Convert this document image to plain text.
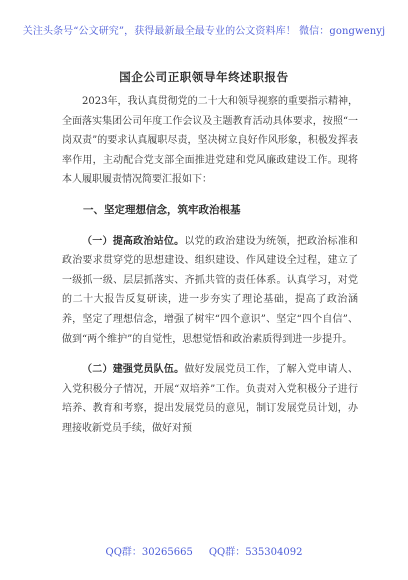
关注头条号“公文研究”，获得最新最全最专业的公文资料库！ 微信：gongwenyj
国企公司正职领导年终述职报告

2023年，我认真贯彻党的二十大和领导视察的重要指示精神，全面落实集团公司年度工作会议及主题教育活动具体要求，按照“一岗双责”的要求认真履职尽责，坚决树立良好作风形象，积极发挥表率作用，主动配合党支部全面推进党建和党风廉政建设工作。现将本人履职履责情况简要汇报如下：

一、坚定理想信念，筑牢政治根基

（一）提高政治站位。以党的政治建设为统领，把政治标准和政治要求贯穿党的思想建设、组织建设、作风建设全过程，建立了一级抓一级、层层抓落实、齐抓共管的责任体系。认真学习，对党的二十大报告反复研读，进一步夯实了理论基础，提高了政治涵养，坚定了理想信念，增强了树牢“四个意识”、坚定“四个自信”、做到“两个维护”的自觉性，思想觉悟和政治素质得到进一步提升。

（二）建强党员队伍。做好发展党员工作，了解入党申请人、入党积极分子情况，开展“双培养”工作。负责对入党积极分子进行培养、教育和考察，提出发展党员的意见，制订发展党员计划，办理接收新党员手续，做好对预

QQ群：30265665 QQ群：535304092
